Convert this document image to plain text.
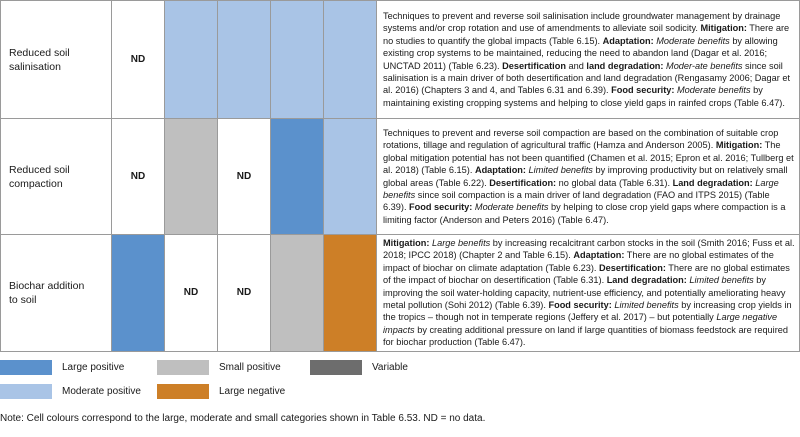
Reduced soil
salinisation	ND					Techniques to prevent and reverse soil salinisation include groundwater management by drainage systems and/or crop rotation and use of amendments to alleviate soil sodicity. Mitigation: There are no studies to quantify the global impacts (Table 6.15). Adaptation: Moderate benefits by allowing existing crop systems to be maintained, reducing the need to abandon land (Dagar et al. 2016; UNCTAD 2011) (Table 6.23). Desertification and land degradation: Moder-ate benefits since soil salinisation is a main driver of both desertification and land degradation (Rengasamy 2006; Dagar et al. 2016) (Chapters 3 and 4, and Tables 6.31 and 6.39). Food security: Moderate benefits by maintaining existing cropping systems and helping to close yield gaps in rainfed crops (Table 6.47).
Reduced soil
compaction	ND		ND			Techniques to prevent and reverse soil compaction are based on the combination of suitable crop rotations, tillage and regulation of agricultural traffic (Hamza and Anderson 2005). Mitigation: The global mitigation potential has not been quantified (Chamen et al. 2015; Epron et al. 2016; Tullberg et al. 2018) (Table 6.15). Adaptation: Limited benefits by improving productivity but on relatively small global areas (Table 6.22). Desertification: no global data (Table 6.31). Land degradation: Large benefits since soil compaction is a main driver of land degradation (FAO and ITPS 2015) (Table 6.39). Food security: Moderate benefits by helping to close crop yield gaps where compaction is a limiting factor (Anderson and Peters 2016) (Table 6.47).
Biochar addition
to soil		ND	ND			Mitigation: Large benefits by increasing recalcitrant carbon stocks in the soil (Smith 2016; Fuss et al. 2018; IPCC 2018) (Chapter 2 and Table 6.15). Adaptation: There are no global estimates of the impact of biochar on climate adaptation (Table 6.23). Desertification: There are no global estimates of the impact of biochar on desertification (Table 6.31). Land degradation: Limited benefits by improving the soil water-holding capacity, nutrient-use efficiency, and potentially ameliorating heavy metal pollution (Sohi 2012) (Table 6.39). Food security: Limited benefits by increasing crop yields in the tropics – though not in temperate regions (Jeffery et al. 2017) – but potentially Large negative impacts by creating additional pressure on land if large quantities of biomass feedstock are required for biochar production (Table 6.47).
Large positive
Moderate positive
Small positive
Large negative
Variable
Note: Cell colours correspond to the large, moderate and small categories shown in Table 6.53. ND = no data.
